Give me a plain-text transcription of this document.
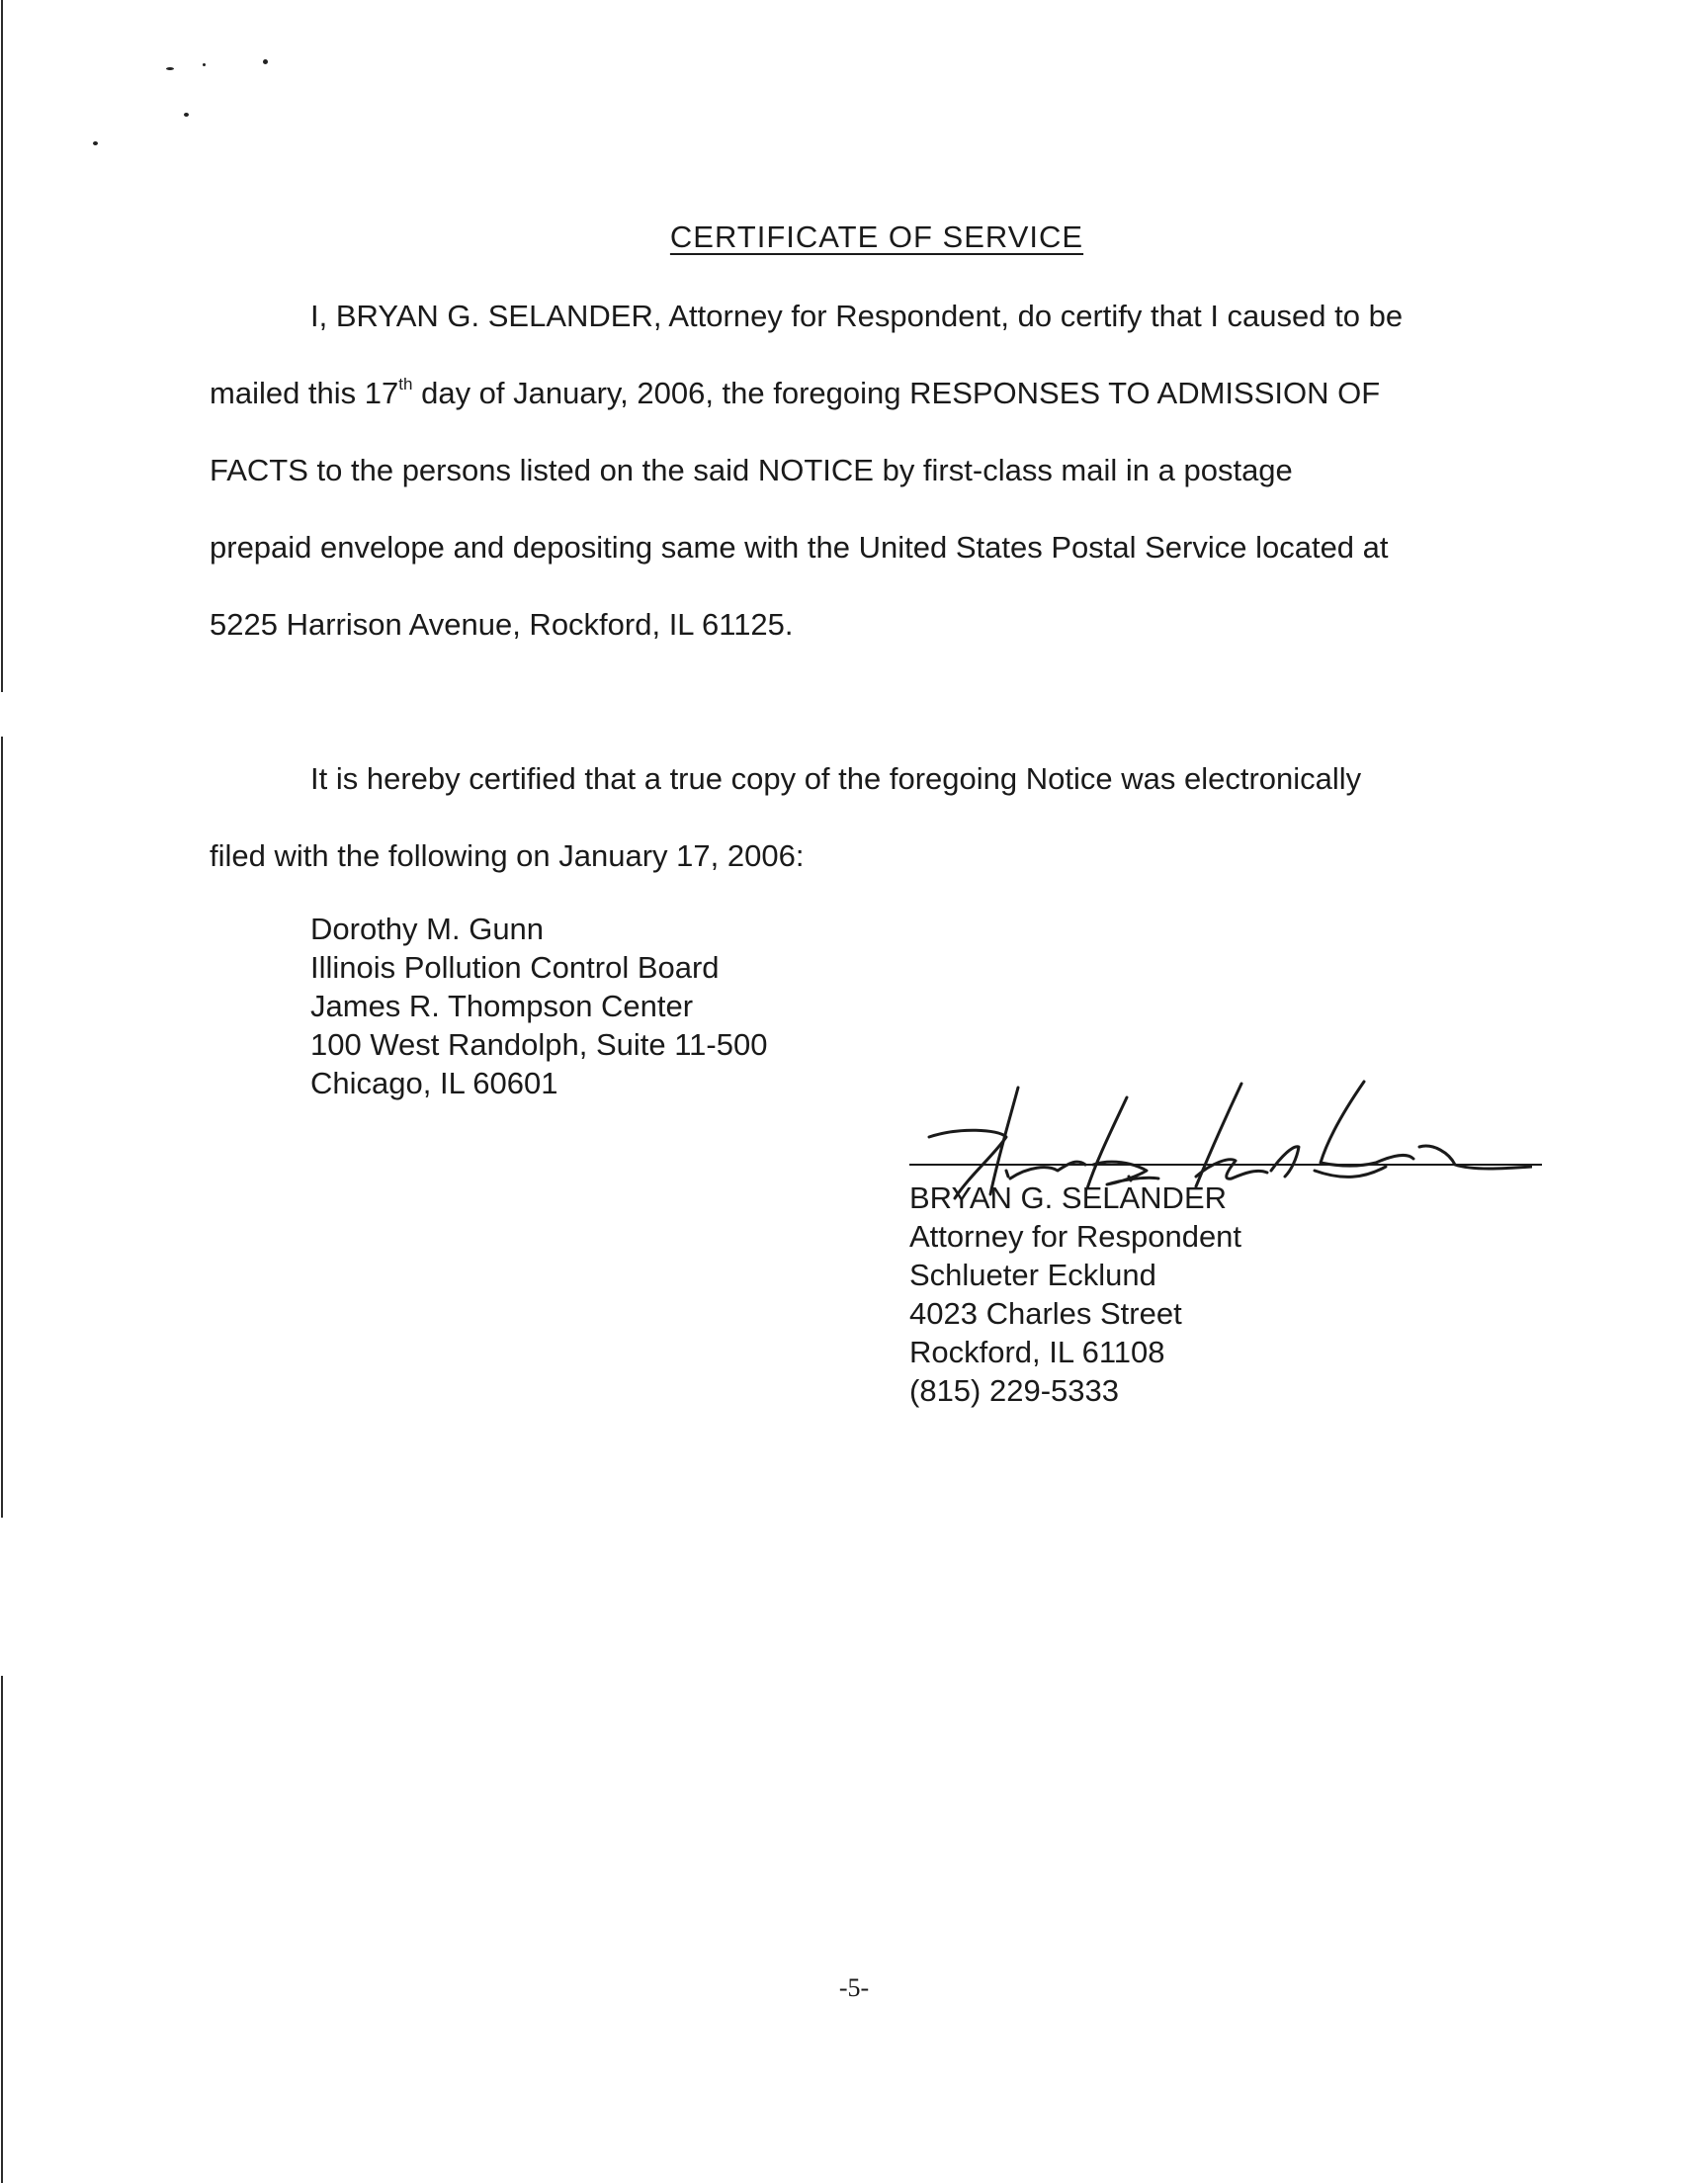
CERTIFICATE OF SERVICE
I, BRYAN G. SELANDER, Attorney for Respondent, do certify that I caused to be
mailed this 17th day of January, 2006, the foregoing RESPONSES TO ADMISSION OF
FACTS to the persons listed on the said NOTICE by first-class mail in a postage
prepaid envelope and depositing same with the United States Postal Service located at
5225 Harrison Avenue, Rockford, IL 61125.
It is hereby certified that a true copy of the foregoing Notice was electronically
filed with the following on January 17, 2006:
Dorothy M. Gunn
Illinois Pollution Control Board
James R. Thompson Center
100 West Randolph, Suite 11-500
Chicago, IL 60601
BRYAN G. SELANDER
Attorney for Respondent
Schlueter Ecklund
4023 Charles Street
Rockford, IL 61108
(815) 229-5333
-5-
